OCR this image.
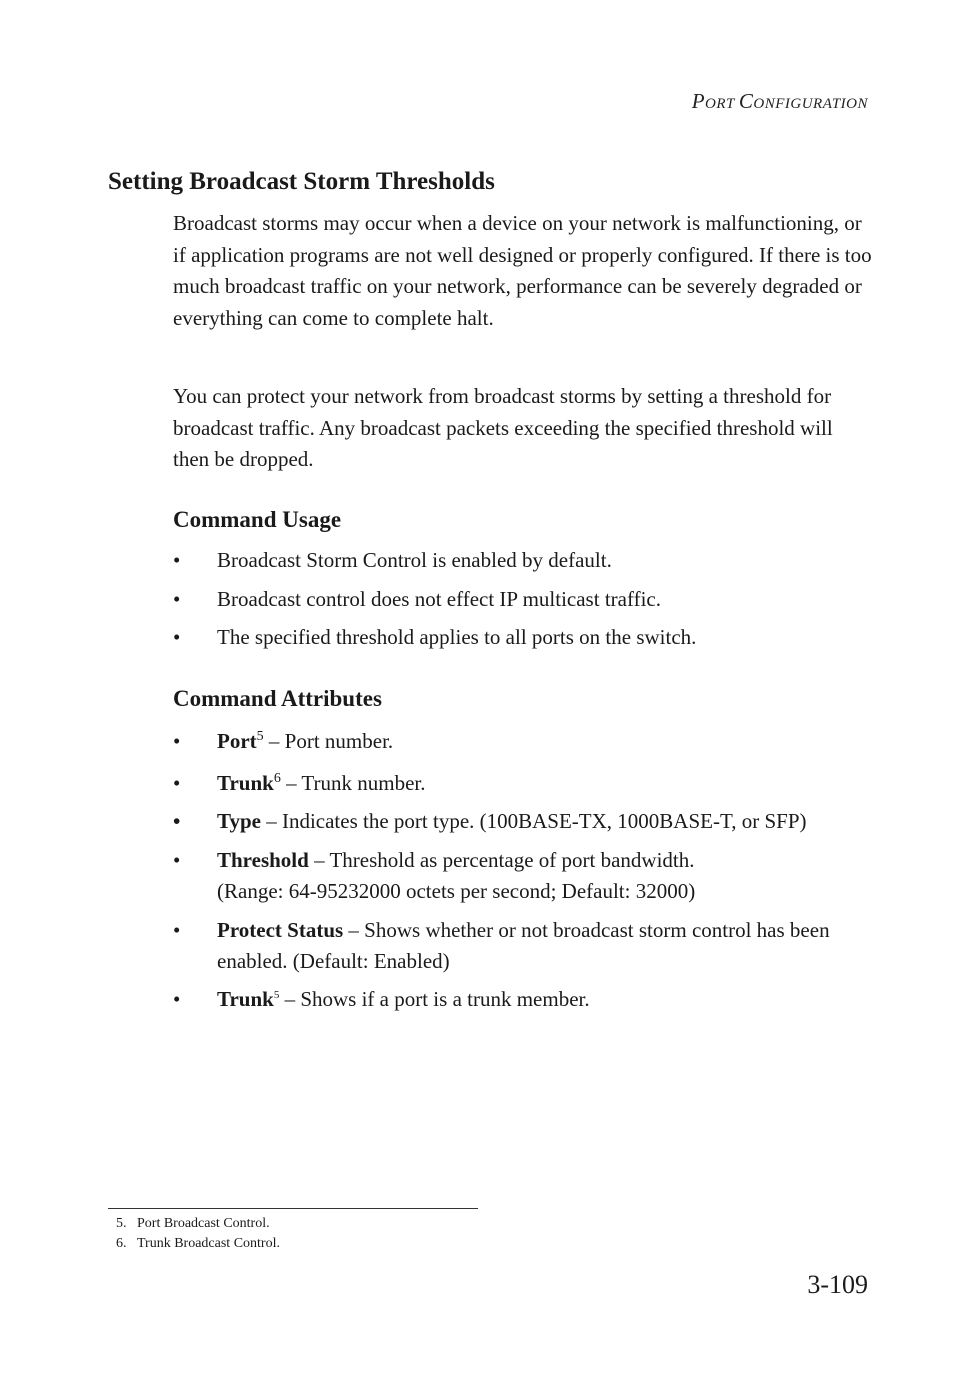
PORT CONFIGURATION
Setting Broadcast Storm Thresholds

Broadcast storms may occur when a device on your network is malfunctioning, or if application programs are not well designed or properly configured. If there is too much broadcast traffic on your network, performance can be severely degraded or everything can come to complete halt.

You can protect your network from broadcast storms by setting a threshold for broadcast traffic. Any broadcast packets exceeding the specified threshold will then be dropped.

Command Usage
• Broadcast Storm Control is enabled by default.
• Broadcast control does not effect IP multicast traffic.
• The specified threshold applies to all ports on the switch.
Command Attributes
• Port$^5$ – Port number.
• Trunk$^6$ – Trunk number.
• Type – Indicates the port type. (100BASE-TX, 1000BASE-T, or SFP)
• Threshold – Threshold as percentage of port bandwidth.
(Range: 64-95232000 octets per second; Default: 32000)
• Protect Status – Shows whether or not broadcast storm control has been enabled. (Default: Enabled)
• Trunk$^5$ – Shows if a port is a trunk member.
5. Port Broadcast Control.
6. Trunk Broadcast Control.
3-109
